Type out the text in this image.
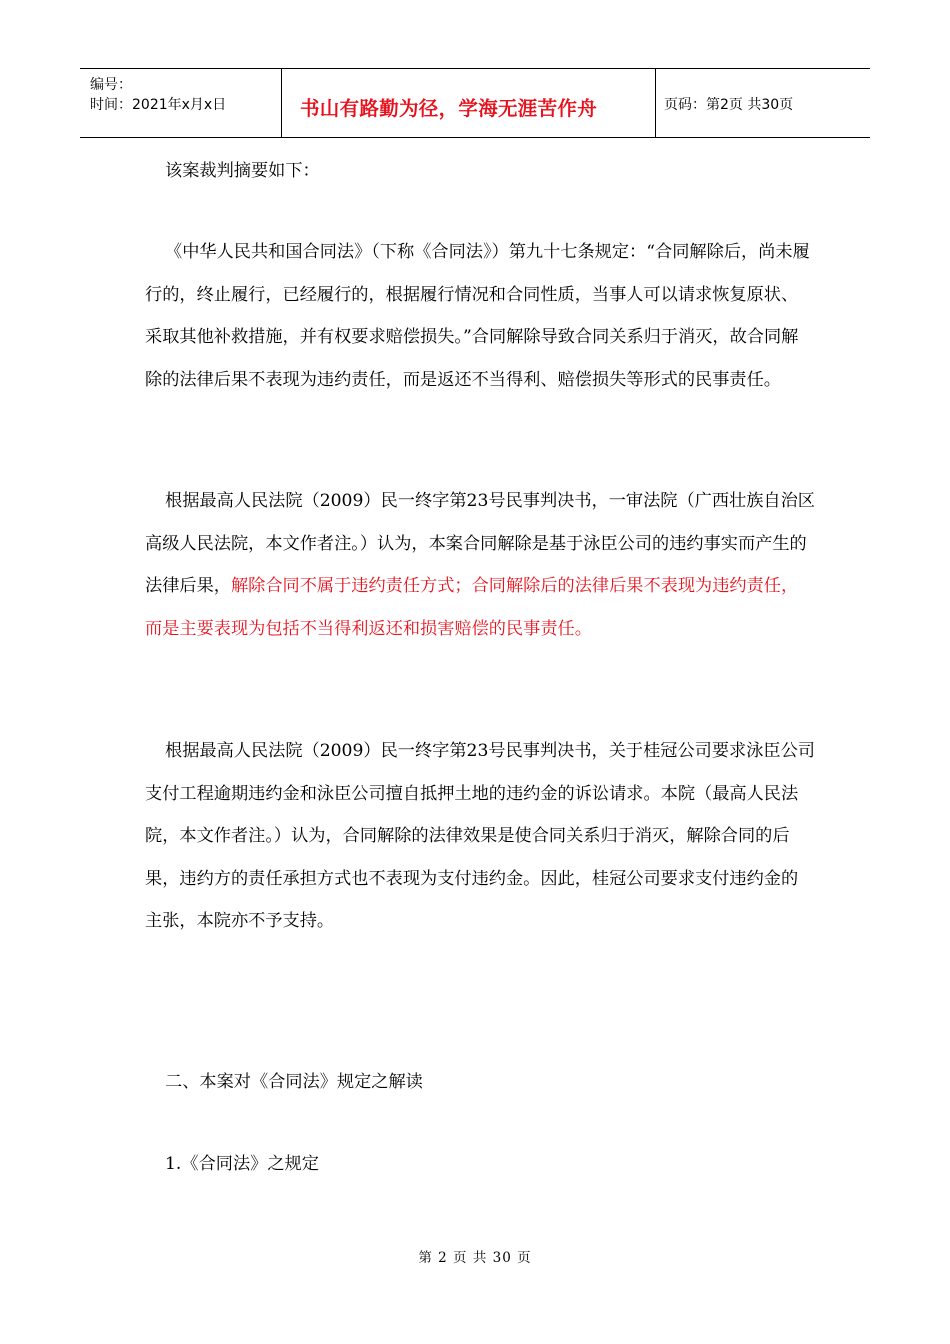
编号：
时间：2021年x月x日	书山有路勤为径，学海无涯苦作舟	页码：第2页 共30页

该案裁判摘要如下：

《中华人民共和国合同法》（下称《合同法》）第九十七条规定：“合同解除后，尚未履行的，终止履行，已经履行的，根据履行情况和合同性质，当事人可以请求恢复原状、采取其他补救措施，并有权要求赔偿损失。”合同解除导致合同关系归于消灭，故合同解除的法律后果不表现为违约责任，而是返还不当得利、赔偿损失等形式的民事责任。

根据最高人民法院（2009）民一终字第23号民事判决书，一审法院（广西壮族自治区高级人民法院，本文作者注。）认为，本案合同解除是基于泳臣公司的违约事实而产生的法律后果，解除合同不属于违约责任方式；合同解除后的法律后果不表现为违约责任，而是主要表现为包括不当得利返还和损害赔偿的民事责任。

根据最高人民法院（2009）民一终字第23号民事判决书，关于桂冠公司要求泳臣公司支付工程逾期违约金和泳臣公司擅自抵押土地的违约金的诉讼请求。本院（最高人民法院，本文作者注。）认为，合同解除的法律效果是使合同关系归于消灭，解除合同的后果，违约方的责任承担方式也不表现为支付违约金。因此，桂冠公司要求支付违约金的主张，本院亦不予支持。

二、本案对《合同法》规定之解读

1.《合同法》之规定

第 2 页 共 30 页
